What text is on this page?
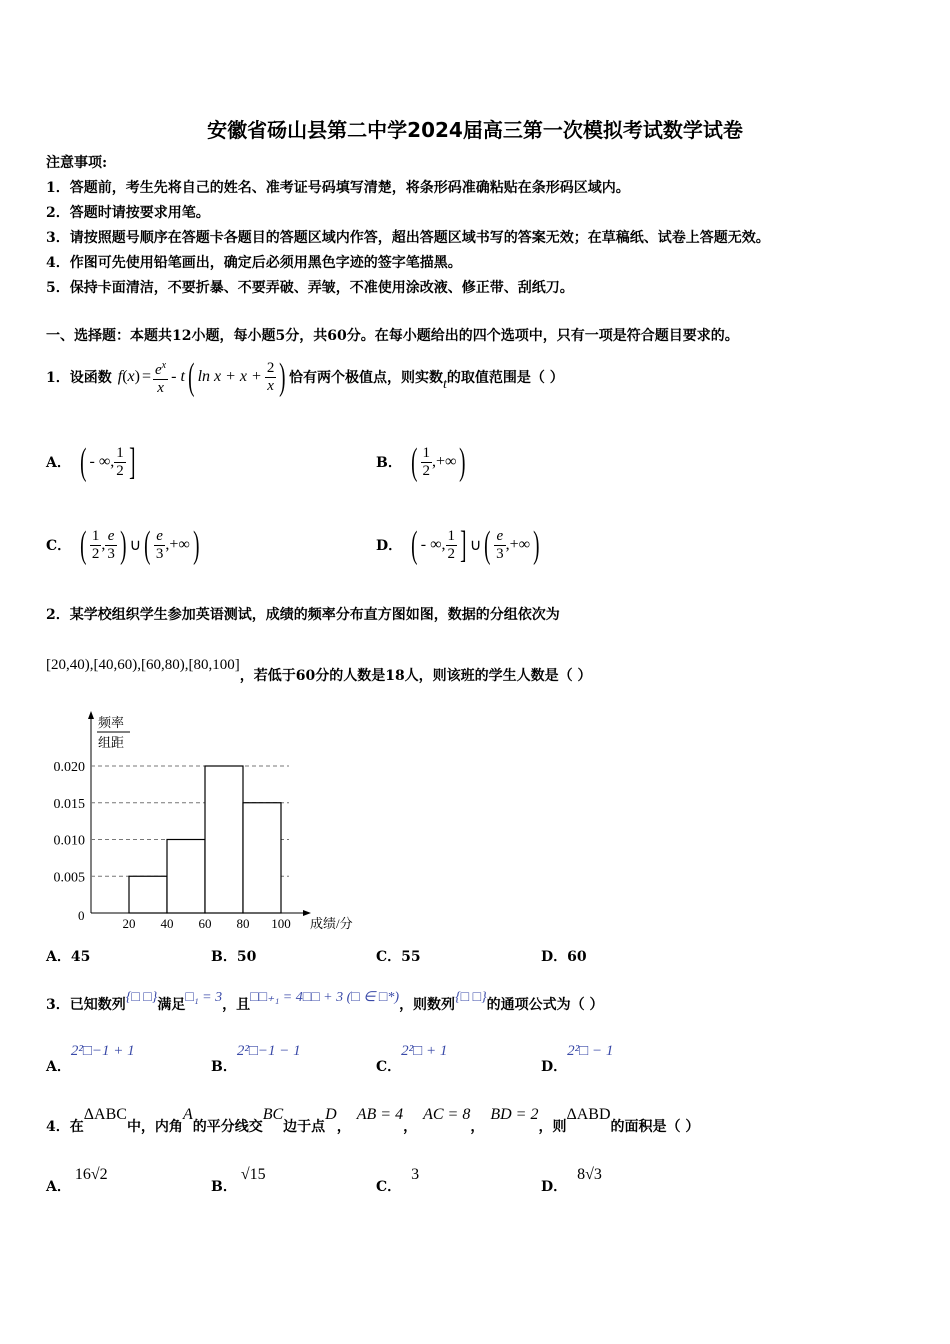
安徽省砀山县第二中学2024届高三第一次模拟考试数学试卷
注意事项:
1．答题前，考生先将自己的姓名、准考证号码填写清楚，将条形码准确粘贴在条形码区域内。
2．答题时请按要求用笔。
3．请按照题号顺序在答题卡各题目的答题区域内作答，超出答题区域书写的答案无效；在草稿纸、试卷上答题无效。
4．作图可先使用铅笔画出，确定后必须用黑色字迹的签字笔描黑。
5．保持卡面清洁，不要折暴、不要弄破、弄皱，不准使用涂改液、修正带、刮纸刀。
一、选择题：本题共12小题，每小题5分，共60分。在每小题给出的四个选项中，只有一项是符合题目要求的。
1．设函数 f ( x ) = $\frac{e^x}{x}$ - t ( $\ln x + x + \frac{2}{x}$ ) 恰有两个极值点，则实数 t 的取值范围是（ ）
A． ( - ∞, $\frac{1}{2}$ ]	B． ( $\frac{1}{2}$ ,+∞ )
C． ( $\frac{1}{2}$ , $\frac{e}{3}$ ) ∪ ( $\frac{e}{3}$ ,+∞ )	D． ( - ∞, $\frac{1}{2}$ ] ∪ ( $\frac{e}{3}$ ,+∞ )
2．某学校组织学生参加英语测试，成绩的频率分布直方图如图，数据的分组依次为
[20,40),[40,60),[60,80),[80,100]
，若低于60分的人数是18人，则该班的学生人数是（ ）
频率
组距
成绩/分
0
0.005
0.010
0.015
0.020
20 40 60 80 100
A．45	B．50	C．55	D．60
3．已知数列 {□ □} 满足 □₁ = 3 ，且 □□₊₁ = 4□□ + 3 (□ ∈ □*) ，则数列 {□ □} 的通项公式为（ ）
A．
2²□−1 + 1
B．
2²□−1 − 1
C．
2²□ + 1
D．
2²□ − 1
4．在
ΔABC
中，内角
A
的平分线交
BC
边于点
D
，
AB = 4
，
AC = 8
，
BD = 2
，则
ΔABD
的面积是（ ）
A．
16√2
B．
√15
C．
3
D．
8√3
